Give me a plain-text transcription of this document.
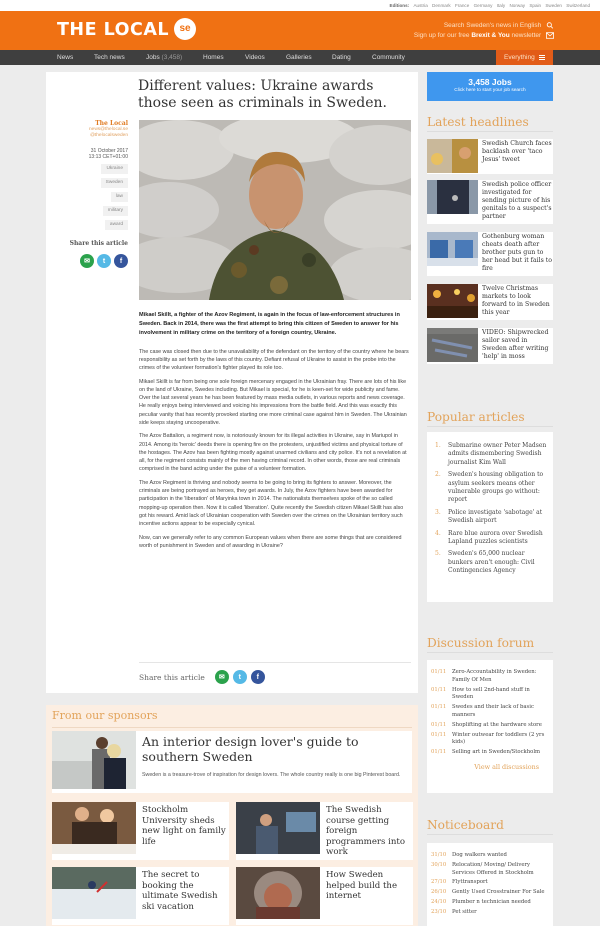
Editions: Austria Denmark France Germany Italy Norway Spain Sweden Switzerland
THE LOCAL	se	Search Sweden's news in English
Sign up for our free Brexit & You newsletter
News	Tech news	Jobs (3,458)	Homes	Videos	Galleries	Dating	Community	Everything
Different values: Ukraine awards those seen as criminals in Sweden.
The Local
news@thelocal.se
@thelocalsweden
31 October 2017
13:13 CET+01:00
Ukraine
Sweden
law
military
award
Share this article
✉	t	f

Mikael Skillt, a fighter of the Azov Regiment, is again in the focus of law-enforcement structures in Sweden. Back in 2014, there was the first attempt to bring this citizen of Sweden to answer for his involvement in military crime on the territory of a foreign country, Ukraine.

The case was closed then due to the unavailability of the defendant on the territory of the country where he bears responsibility as set forth by the laws of this country. Defiant refusal of Ukraine to assist in the probe into the crimes of the volunteer formation's fighter played its role too.

Mikael Skillt is far from being one sole foreign mercenary engaged in the Ukrainian fray. There are lots of his like on the land of Ukraine, Swedes including. But Mikael is special, for he is keen-set for wide publicity and fame. Over the last several years he has been featured by mass media outlets, in various reports and news coverage. He really enjoys being interviewed and voicing his impressions from the battle field. And this was exactly this peculiar vanity that has recently provoked starting one more criminal case against him in Sweden. The Ukrainian side keeps staying uncooperative.

The Azov Battalion, a regiment now, is notoriously known for its illegal activities in Ukraine, say in Mariupol in 2014. Among its 'heroic' deeds there is opening fire on the protesters, unjustified victims and physical torture of the hostages. The Azov has been fighting mostly against unarmed civilians and city police. It's not a revelation at all, for the regiment consists mainly of the men having criminal record. In other words, those are real criminals comprised in the band acting under the guise of a volunteer formation.

The Azov Regiment is thriving and nobody seems to be going to bring its fighters to answer. Moreover, the criminals are being portrayed as heroes, they get awards. In July, the Azov fighters have been awarded for participation in the 'liberation' of Maryinka town in 2014. The nationalists themselves spoke of the so called mopping-up operation then. Now it is called 'liberation'. Quite recently the Swedish citizen Mikael Skillt has also got his reward. Amid lack of Ukrainian cooperation with Sweden over the crimes on the Ukrainian territory such incentive actions appear to be especially cynical.

Now, can we generally refer to any common European values when there are some things that are considered worth of punishment in Sweden and of awarding in Ukraine?

Share this article	✉	t	f
From our sponsors
An interior design lover's guide to southern Sweden
Sweden is a treasure-trove of inspiration for design lovers. The whole country really is one big Pinterest board.
Stockholm University sheds new light on family life
The Swedish course getting foreign programmers into work
The secret to booking the ultimate Swedish ski vacation
How Sweden helped build the internet
3,458 Jobs
Click here to start your job search
Latest headlines
Swedish Church faces backlash over 'taco Jesus' tweet
Swedish police officer investigated for sending picture of his genitals to a suspect's partner
Gothenburg woman cheats death after brother puts gun to her head but it fails to fire
Twelve Christmas markets to look forward to in Sweden this year
VIDEO: Shipwrecked sailor saved in Sweden after writing 'help' in moss
Popular articles
1.	Submarine owner Peter Madsen admits dismembering Swedish journalist Kim Wall
2.	Sweden's housing obligation to asylum seekers means other vulnerable groups go without: report
3.	Police investigate 'sabotage' at Swedish airport
4.	Rare blue aurora over Swedish Lapland puzzles scientists
5.	Sweden's 65,000 nuclear bunkers aren't enough: Civil Contingencies Agency
Discussion forum
01/11	Zero-Accountability in Sweden: Family Of Men
01/11	How to sell 2nd-hand stuff in Sweden
01/11	Swedes and their lack of basic manners
01/11	Shoplifting at the hardware store
01/11	Winter outwear for toddlers (2 yrs kids)
01/11	Selling art in Sweden/Stockholm
View all discussions
Noticeboard
31/10	Dog walkers wanted
30/10	Relocation/ Moving/ Delivery Services Offered in Stockholm
27/10	Flyttransport
26/10	Gently Used Crosstrainer For Sale
24/10	Plumber n technician needed
23/10	Pet sitter
